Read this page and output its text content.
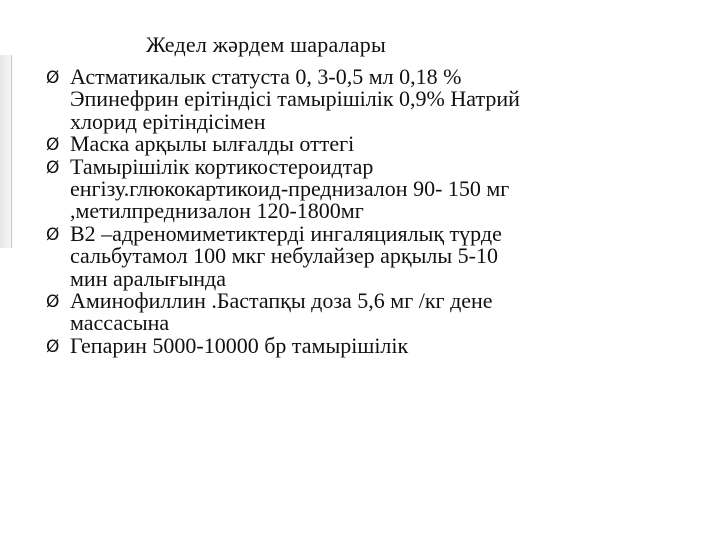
Жедел жәрдем шаралары
Ø Астматикалык статуста 0, 3-0,5 мл 0,18 %
Эпинефрин ерітіндісі тамырішілік 0,9% Натрий
хлорид ерітіндісімен
Ø Маска арқылы ылғалды оттегі
Ø Тамырішілік кортикостероидтар
енгізу.глюкокартикоид-преднизалон 90- 150 мг
,метилпреднизалон 120-1800мг
Ø В2 –адреномиметиктерді ингаляциялық түрде
сальбутамол 100 мкг небулайзер арқылы 5-10
мин аралығында
Ø Аминофиллин .Бастапқы доза 5,6 мг /кг дене
массасына
Ø Гепарин 5000-10000 бр тамырішілік
